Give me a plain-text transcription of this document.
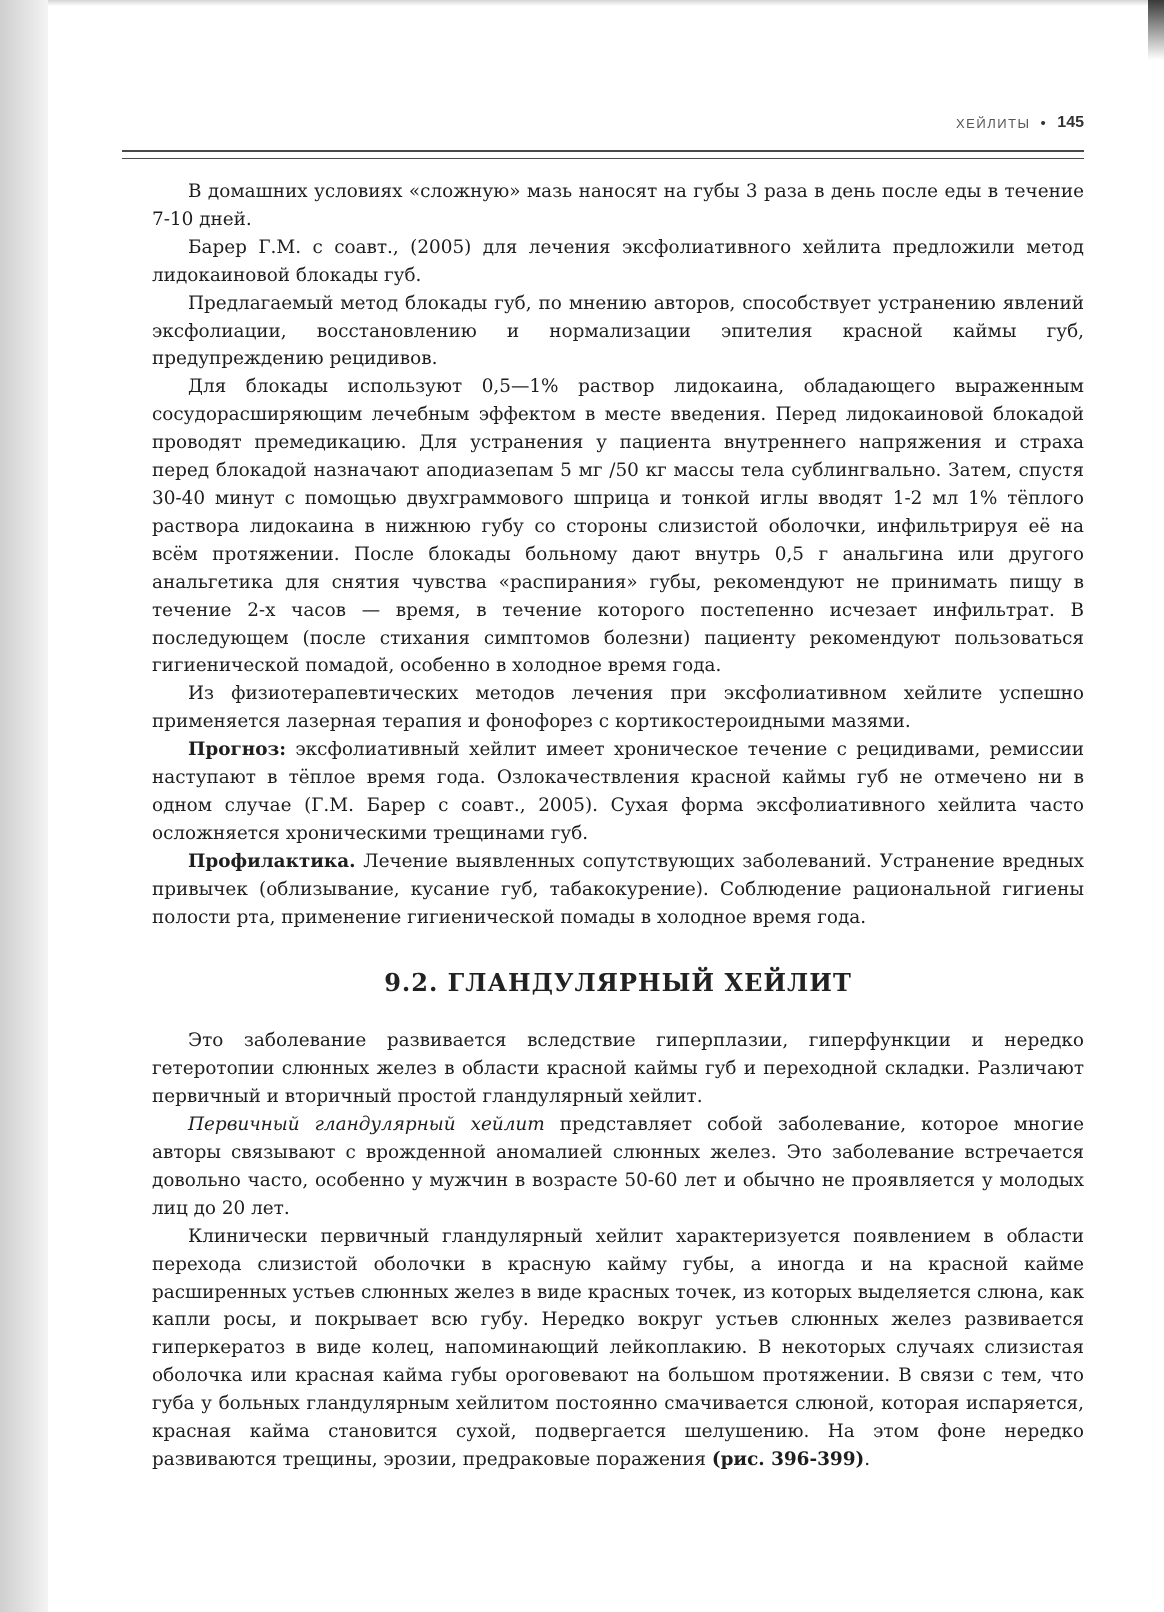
ХЕЙЛИТЫ • 145

В домашних условиях «сложную» мазь наносят на губы 3 раза в день после еды в течение 7-10 дней.

Барер Г.М. с соавт., (2005) для лечения эксфолиативного хейлита предложили метод лидокаиновой блокады губ.

Предлагаемый метод блокады губ, по мнению авторов, способствует устранению явлений эксфолиации, восстановлению и нормализации эпителия красной каймы губ, предупреждению рецидивов.

Для блокады используют 0,5—1% раствор лидокаина, обладающего выраженным сосудорасширяющим лечебным эффектом в месте введения. Перед лидокаиновой блокадой проводят премедикацию. Для устранения у пациента внутреннего напряжения и страха перед блокадой назначают аподиазепам 5 мг /50 кг массы тела сублингвально. Затем, спустя 30-40 минут с помощью двухграммового шприца и тонкой иглы вводят 1-2 мл 1% тёплого раствора лидокаина в нижнюю губу со стороны слизистой оболочки, инфильтрируя её на всём протяжении. После блокады больному дают внутрь 0,5 г анальгина или другого анальгетика для снятия чувства «распирания» губы, рекомендуют не принимать пищу в течение 2-х часов — время, в течение которого постепенно исчезает инфильтрат. В последующем (после стихания симптомов болезни) пациенту рекомендуют пользоваться гигиенической помадой, особенно в холодное время года.

Из физиотерапевтических методов лечения при эксфолиативном хейлите успешно применяется лазерная терапия и фонофорез с кортикостероидными мазями.

Прогноз: эксфолиативный хейлит имеет хроническое течение с рецидивами, ремиссии наступают в тёплое время года. Озлокачествления красной каймы губ не отмечено ни в одном случае (Г.М. Барер с соавт., 2005). Сухая форма эксфолиативного хейлита часто осложняется хроническими трещинами губ.

Профилактика. Лечение выявленных сопутствующих заболеваний. Устранение вредных привычек (облизывание, кусание губ, табакокурение). Соблюдение рациональной гигиены полости рта, применение гигиенической помады в холодное время года.

9.2. ГЛАНДУЛЯРНЫЙ ХЕЙЛИТ

Это заболевание развивается вследствие гиперплазии, гиперфункции и нередко гетеротопии слюнных желез в области красной каймы губ и переходной складки. Различают первичный и вторичный простой гландулярный хейлит.

Первичный гландулярный хейлит представляет собой заболевание, которое многие авторы связывают с врожденной аномалией слюнных желез. Это заболевание встречается довольно часто, особенно у мужчин в возрасте 50-60 лет и обычно не проявляется у молодых лиц до 20 лет.

Клинически первичный гландулярный хейлит характеризуется появлением в области перехода слизистой оболочки в красную кайму губы, а иногда и на красной кайме расширенных устьев слюнных желез в виде красных точек, из которых выделяется слюна, как капли росы, и покрывает всю губу. Нередко вокруг устьев слюнных желез развивается гиперкератоз в виде колец, напоминающий лейкоплакию. В некоторых случаях слизистая оболочка или красная кайма губы ороговевают на большом протяжении. В связи с тем, что губа у больных гландулярным хейлитом постоянно смачивается слюной, которая испаряется, красная кайма становится сухой, подвергается шелушению. На этом фоне нередко развиваются трещины, эрозии, предраковые поражения (рис. 396-399).
